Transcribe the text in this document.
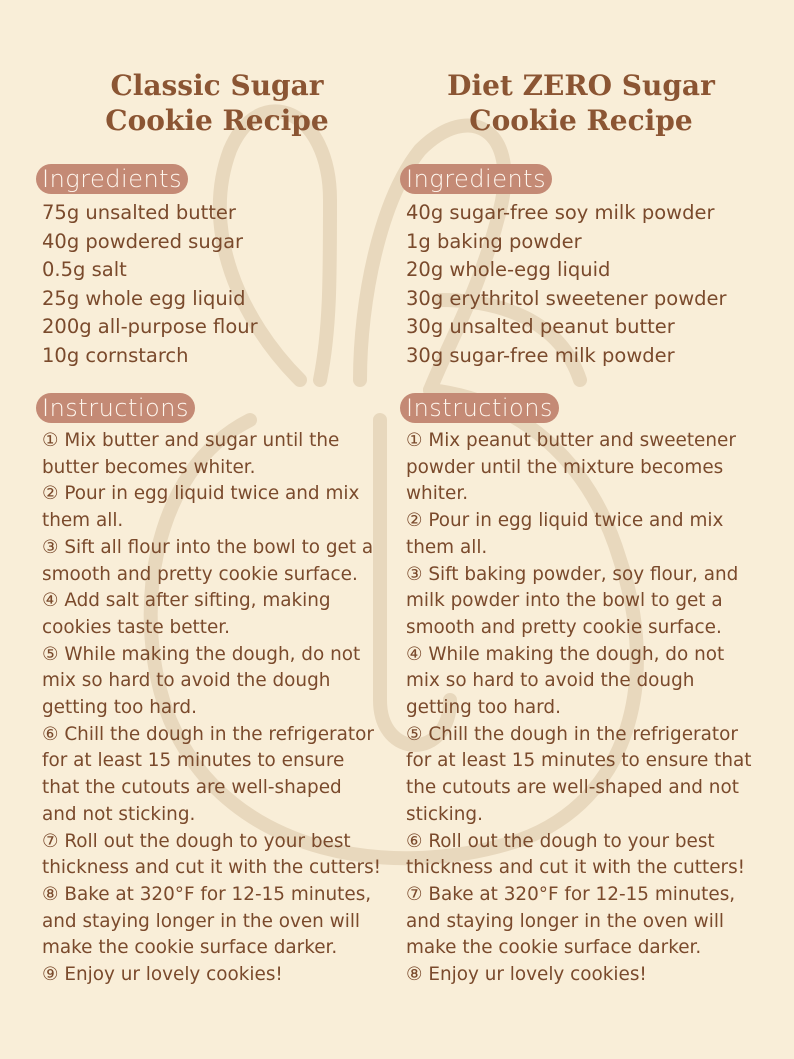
Classic Sugar
Cookie Recipe
Ingredients
75g unsalted butter
40g powdered sugar
0.5g salt
25g whole egg liquid
200g all-purpose flour
10g cornstarch
Instructions
① Mix butter and sugar until the butter becomes whiter.
② Pour in egg liquid twice and mix them all.
③ Sift all flour into the bowl to get a smooth and pretty cookie surface.
④ Add salt after sifting, making cookies taste better.
⑤ While making the dough, do not mix so hard to avoid the dough getting too hard.
⑥ Chill the dough in the refrigerator for at least 15 minutes to ensure that the cutouts are well-shaped and not sticking.
⑦ Roll out the dough to your best thickness and cut it with the cutters!
⑧ Bake at 320°F for 12-15 minutes, and staying longer in the oven will make the cookie surface darker.
⑨ Enjoy ur lovely cookies!
Diet ZERO Sugar
Cookie Recipe
Ingredients
40g sugar-free soy milk powder
1g baking powder
20g whole-egg liquid
30g erythritol sweetener powder
30g unsalted peanut butter
30g sugar-free milk powder
Instructions
① Mix peanut butter and sweetener powder until the mixture becomes whiter.
② Pour in egg liquid twice and mix them all.
③ Sift baking powder, soy flour, and milk powder into the bowl to get a smooth and pretty cookie surface.
④ While making the dough, do not mix so hard to avoid the dough getting too hard.
⑤ Chill the dough in the refrigerator for at least 15 minutes to ensure that the cutouts are well-shaped and not sticking.
⑥ Roll out the dough to your best thickness and cut it with the cutters!
⑦ Bake at 320°F for 12-15 minutes, and staying longer in the oven will make the cookie surface darker.
⑧ Enjoy ur lovely cookies!
